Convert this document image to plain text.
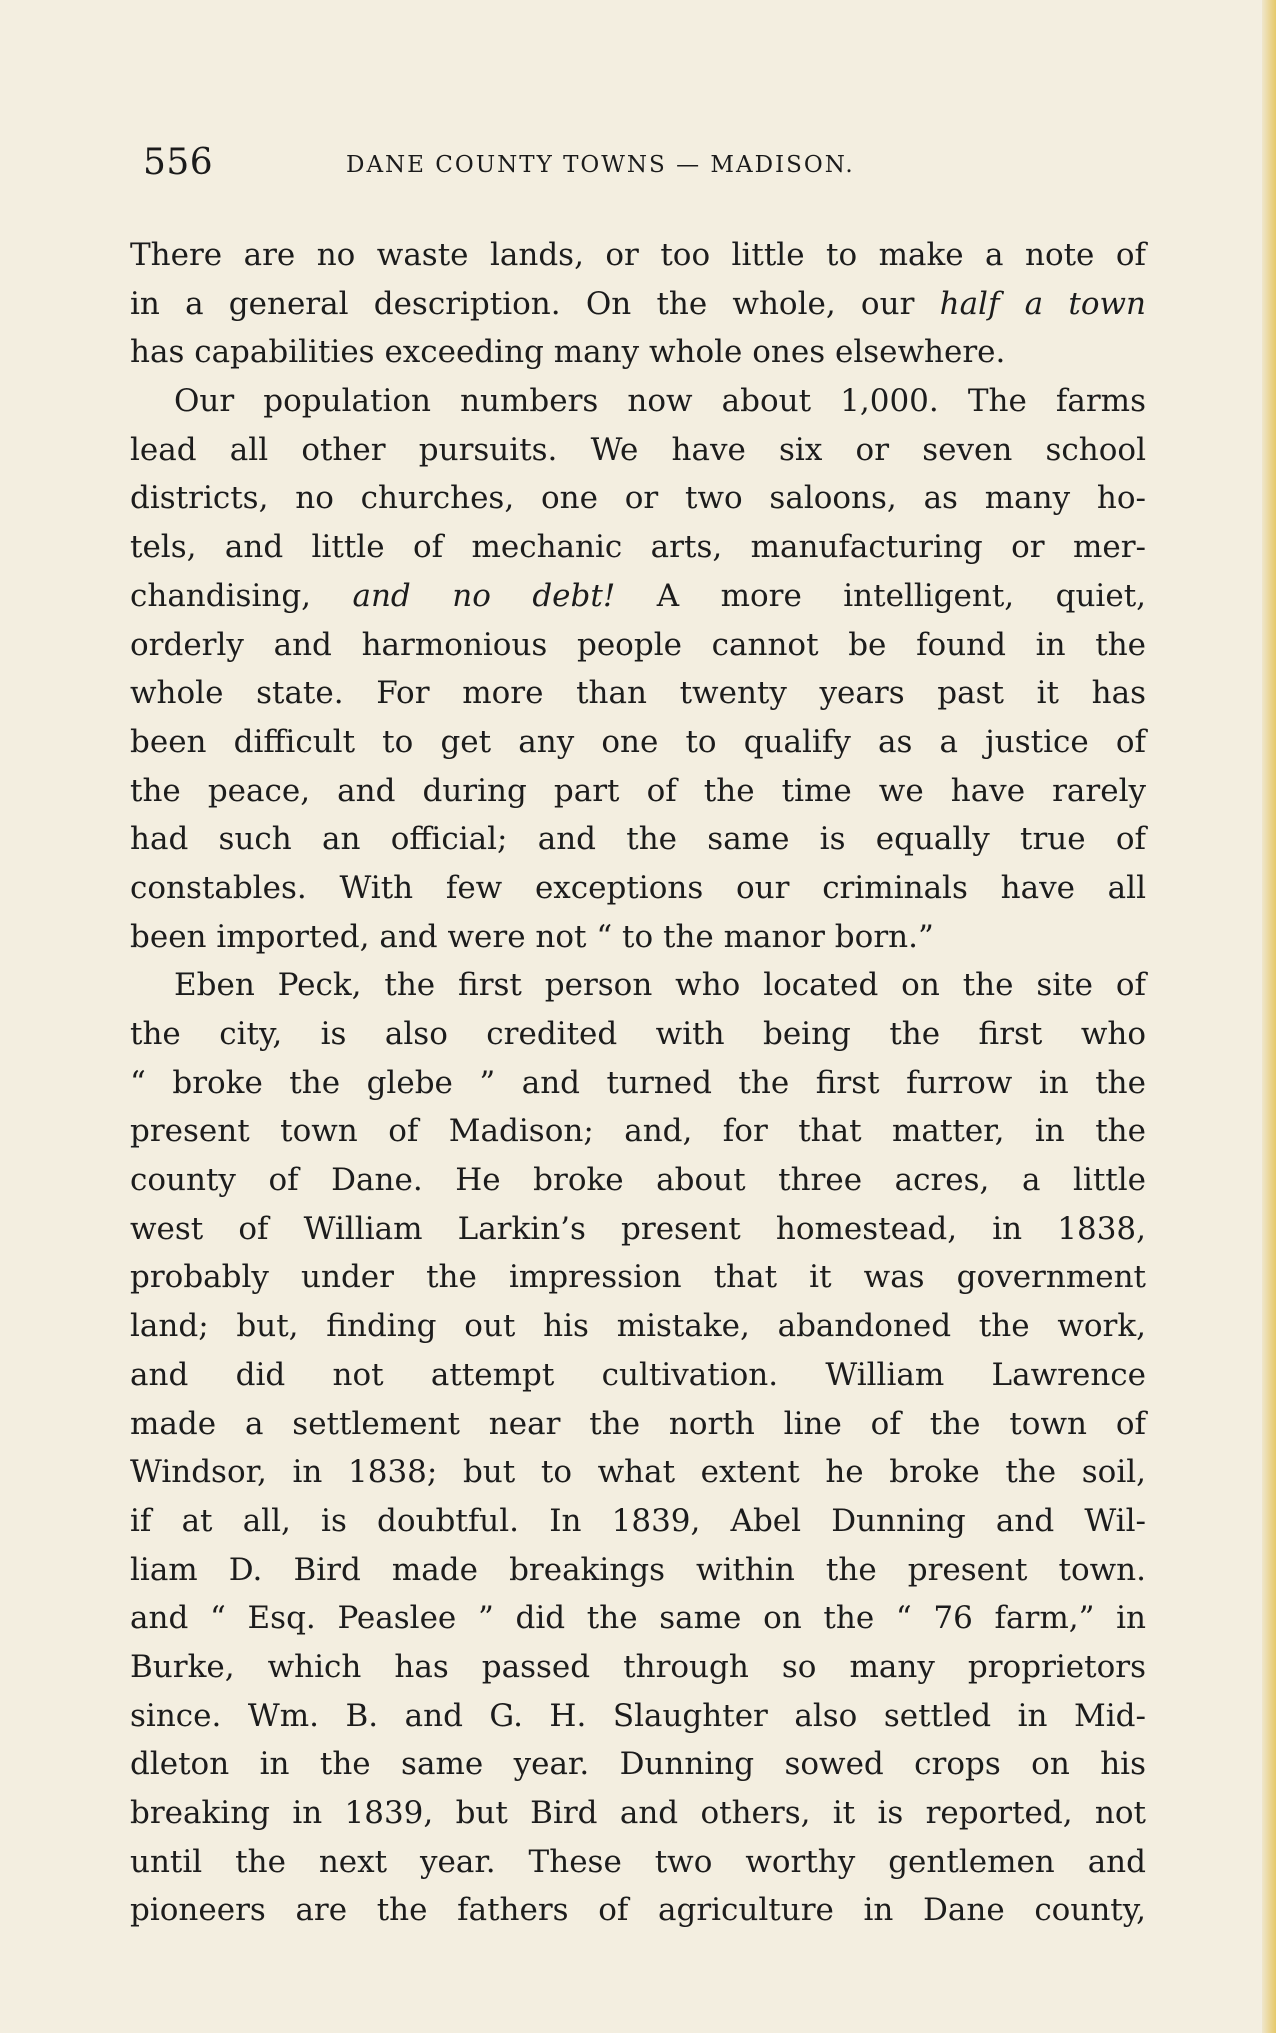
556	DANE COUNTY TOWNS — MADISON.
There are no waste lands, or too little to make a note of
in a general description. On the whole, our half a town
has capabilities exceeding many whole ones elsewhere.
Our population numbers now about 1,000. The farms
lead all other pursuits. We have six or seven school
districts, no churches, one or two saloons, as many ho-
tels, and little of mechanic arts, manufacturing or mer-
chandising, and no debt! A more intelligent, quiet,
orderly and harmonious people cannot be found in the
whole state. For more than twenty years past it has
been difficult to get any one to qualify as a justice of
the peace, and during part of the time we have rarely
had such an official; and the same is equally true of
constables. With few exceptions our criminals have all
been imported, and were not “ to the manor born.”
Eben Peck, the first person who located on the site of
the city, is also credited with being the first who
“ broke the glebe ” and turned the first furrow in the
present town of Madison; and, for that matter, in the
county of Dane. He broke about three acres, a little
west of William Larkin’s present homestead, in 1838,
probably under the impression that it was government
land; but, finding out his mistake, abandoned the work,
and did not attempt cultivation. William Lawrence
made a settlement near the north line of the town of
Windsor, in 1838; but to what extent he broke the soil,
if at all, is doubtful. In 1839, Abel Dunning and Wil-
liam D. Bird made breakings within the present town.
and “ Esq. Peaslee ” did the same on the “ 76 farm,” in
Burke, which has passed through so many proprietors
since. Wm. B. and G. H. Slaughter also settled in Mid-
dleton in the same year. Dunning sowed crops on his
breaking in 1839, but Bird and others, it is reported, not
until the next year. These two worthy gentlemen and
pioneers are the fathers of agriculture in Dane county,
